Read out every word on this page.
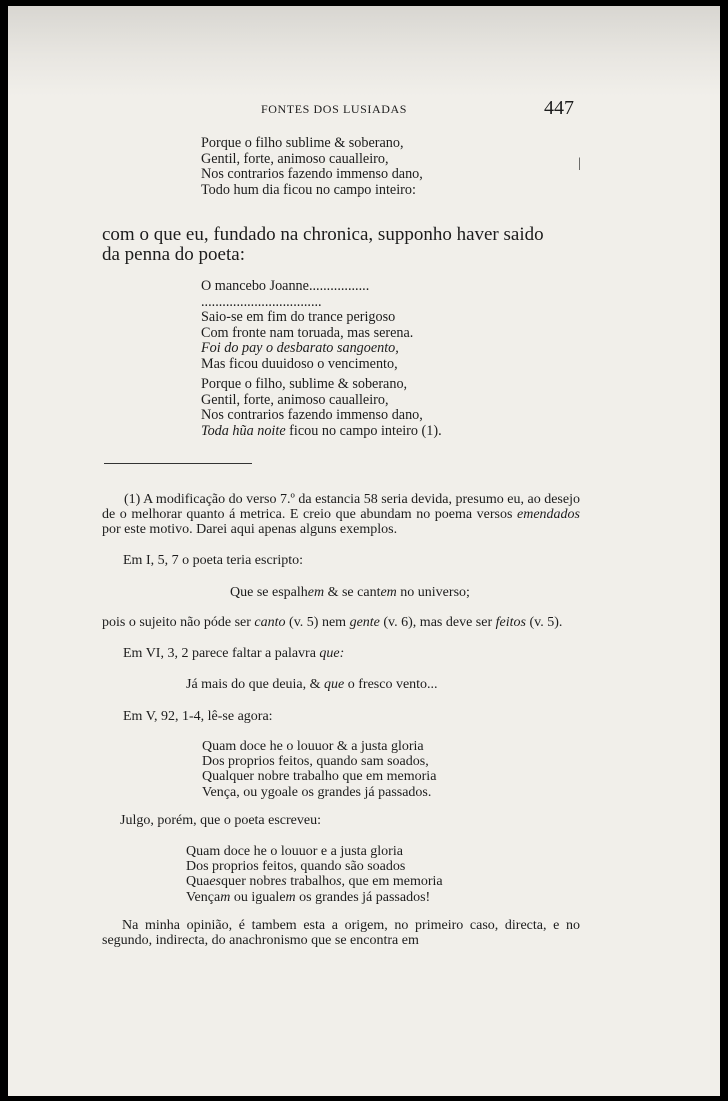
FONTES DOS LUSIADAS	447
Porque o filho sublime & soberano,
Gentil, forte, animoso caualleiro,
Nos contrarios fazendo immenso dano,
Todo hum dia ficou no campo inteiro:
|
com o que eu, fundado na chronica, supponho haver saido
da penna do poeta:
O mancebo Joanne.................
..................................
Saio-se em fim do trance perigoso
Com fronte nam toruada, mas serena.
Foi do pay o desbarato sangoento,
Mas ficou duuidoso o vencimento,
Porque o filho, sublime & soberano,
Gentil, forte, animoso caualleiro,
Nos contrarios fazendo immenso dano,
Toda hũa noite ficou no campo inteiro (1).
(1) A modificação do verso 7.º da estancia 58 seria devida, presumo eu, ao desejo de o melhorar quanto á metrica. E creio que abundam no poema versos emendados por este motivo. Darei aqui apenas alguns exemplos.
Em I, 5, 7 o poeta teria escripto:
Que se espalhem & se cantem no universo;
pois o sujeito não póde ser canto (v. 5) nem gente (v. 6), mas deve ser feitos (v. 5).
Em VI, 3, 2 parece faltar a palavra que:
Já mais do que deuia, & que o fresco vento...
Em V, 92, 1-4, lê-se agora:
Quam doce he o louuor & a justa gloria
Dos proprios feitos, quando sam soados,
Qualquer nobre trabalho que em memoria
Vença, ou ygoale os grandes já passados.
Julgo, porém, que o poeta escreveu:
Quam doce he o louuor e a justa gloria
Dos proprios feitos, quando são soados
Quaesquer nobres trabalhos, que em memoria
Vençam ou igualem os grandes já passados!
Na minha opinião, é tambem esta a origem, no primeiro caso, directa, e no segundo, indirecta, do anachronismo que se encontra em
